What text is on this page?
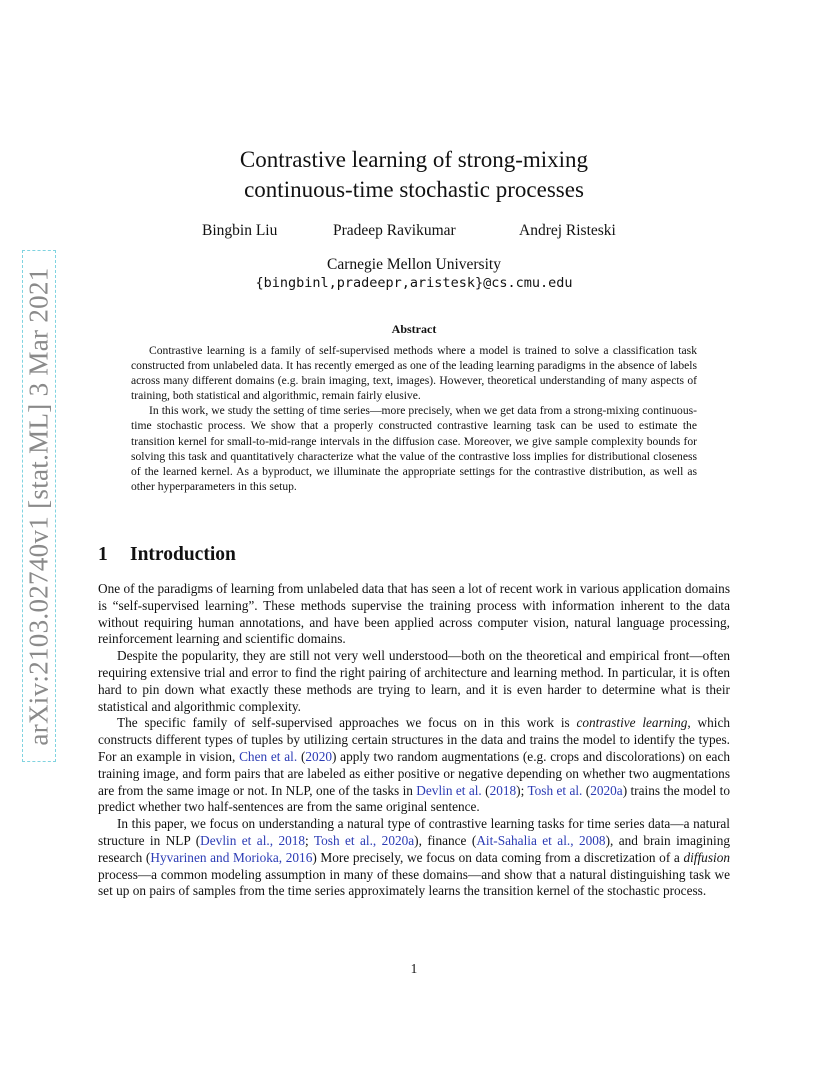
arXiv:2103.02740v1 [stat.ML] 3 Mar 2021
Contrastive learning of strong-mixing
continuous-time stochastic processes
Bingbin Liu	Pradeep Ravikumar	Andrej Risteski
Carnegie Mellon University
{bingbinl,pradeepr,aristesk}@cs.cmu.edu
Abstract

Contrastive learning is a family of self-supervised methods where a model is trained to solve a classification task constructed from unlabeled data. It has recently emerged as one of the leading learning paradigms in the absence of labels across many different domains (e.g. brain imaging, text, images). However, theoretical understanding of many aspects of training, both statistical and algorithmic, remain fairly elusive.

In this work, we study the setting of time series—more precisely, when we get data from a strong-mixing continuous-time stochastic process. We show that a properly constructed contrastive learning task can be used to estimate the transition kernel for small-to-mid-range intervals in the diffusion case. Moreover, we give sample complexity bounds for solving this task and quantitatively characterize what the value of the contrastive loss implies for distributional closeness of the learned kernel. As a byproduct, we illuminate the appropriate settings for the contrastive distribution, as well as other hyperparameters in this setup.

1 Introduction

One of the paradigms of learning from unlabeled data that has seen a lot of recent work in various application domains is “self-supervised learning”. These methods supervise the training process with information inherent to the data without requiring human annotations, and have been applied across computer vision, natural language processing, reinforcement learning and scientific domains.

Despite the popularity, they are still not very well understood—both on the theoretical and empirical front—often requiring extensive trial and error to find the right pairing of architecture and learning method. In particular, it is often hard to pin down what exactly these methods are trying to learn, and it is even harder to determine what is their statistical and algorithmic complexity.

The specific family of self-supervised approaches we focus on in this work is contrastive learning, which constructs different types of tuples by utilizing certain structures in the data and trains the model to identify the types. For an example in vision, Chen et al. (2020) apply two random augmentations (e.g. crops and discolorations) on each training image, and form pairs that are labeled as either positive or negative depending on whether two augmentations are from the same image or not. In NLP, one of the tasks in Devlin et al. (2018); Tosh et al. (2020a) trains the model to predict whether two half-sentences are from the same original sentence.

In this paper, we focus on understanding a natural type of contrastive learning tasks for time series data—a natural structure in NLP (Devlin et al., 2018; Tosh et al., 2020a), finance (Ait-Sahalia et al., 2008), and brain imagining research (Hyvarinen and Morioka, 2016) More precisely, we focus on data coming from a discretization of a diffusion process—a common modeling assumption in many of these domains—and show that a natural distinguishing task we set up on pairs of samples from the time series approximately learns the transition kernel of the stochastic process.

1
